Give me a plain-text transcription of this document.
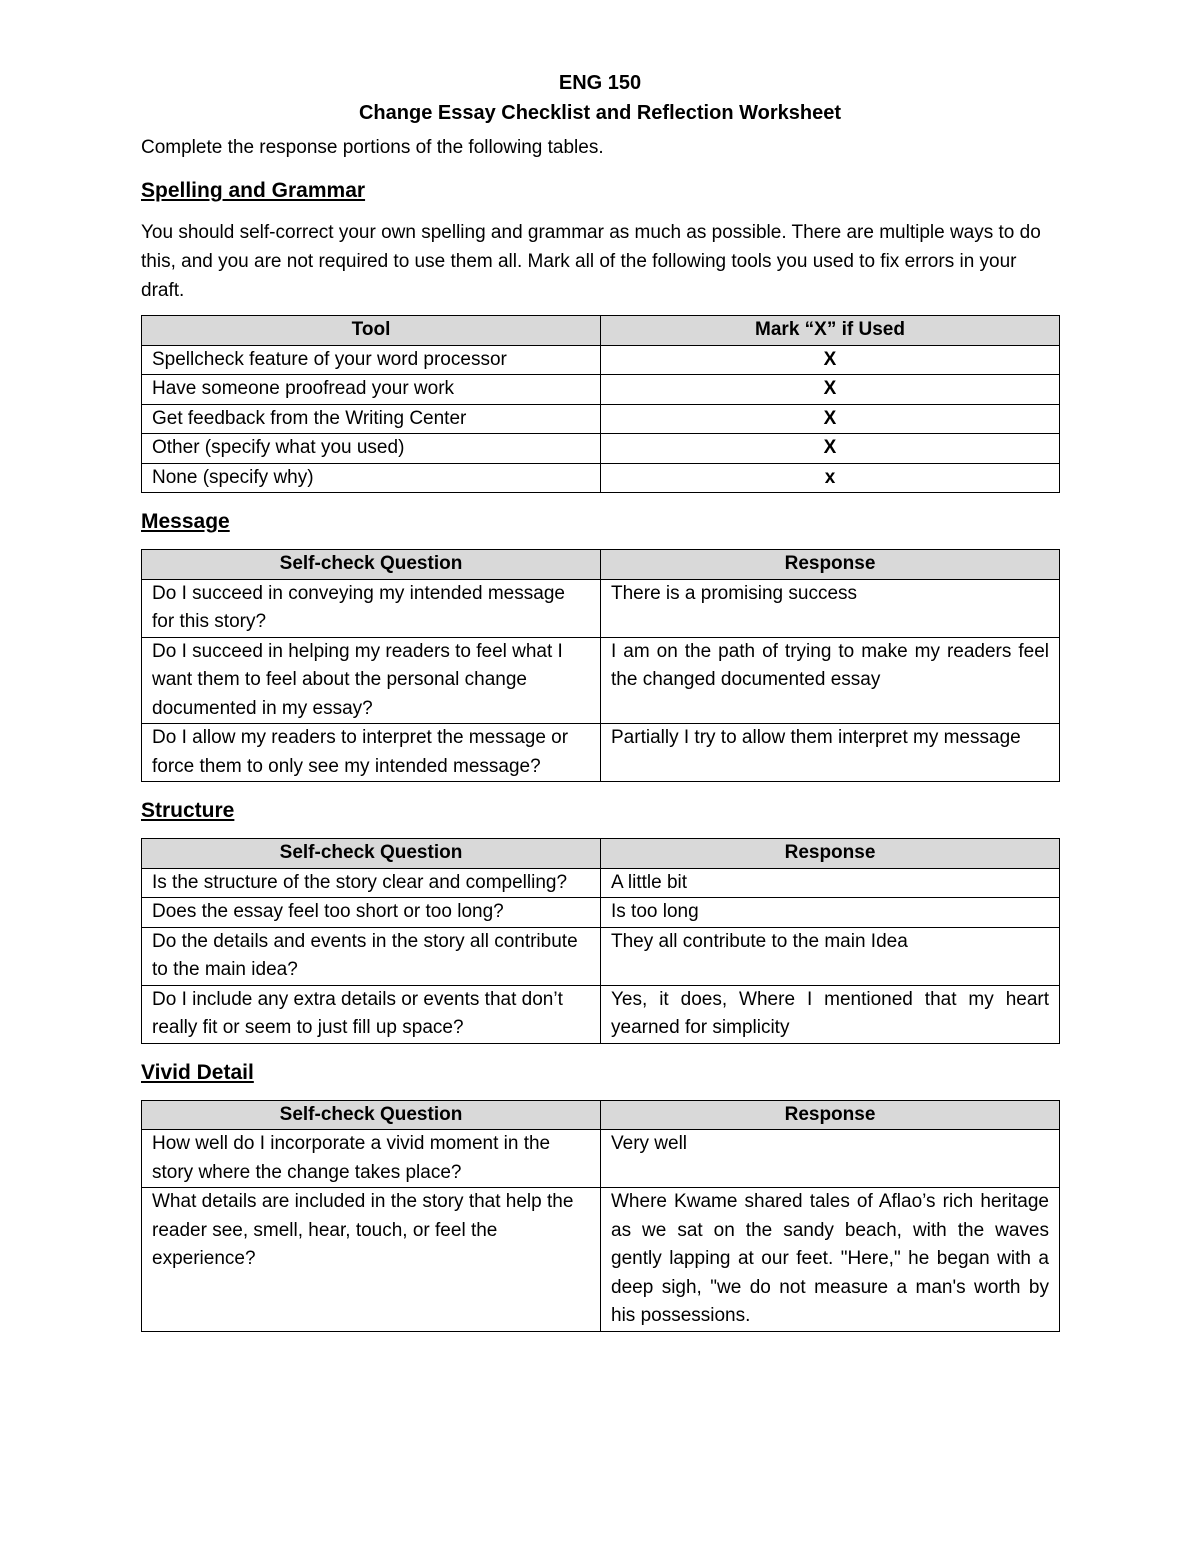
ENG 150
Change Essay Checklist and Reflection Worksheet
Complete the response portions of the following tables.
Spelling and Grammar
You should self-correct your own spelling and grammar as much as possible. There are multiple ways to do this, and you are not required to use them all. Mark all of the following tools you used to fix errors in your draft.
Tool	Mark “X” if Used
Spellcheck feature of your word processor	X
Have someone proofread your work	X
Get feedback from the Writing Center	X
Other (specify what you used)	X
None (specify why)	x
Message
Self-check Question	Response
Do I succeed in conveying my intended message for this story?	There is a promising success
Do I succeed in helping my readers to feel what I want them to feel about the personal change documented in my essay?	I am on the path of trying to make my readers feel the changed documented essay
Do I allow my readers to interpret the message or force them to only see my intended message?	Partially I try to allow them interpret my message
Structure
Self-check Question	Response
Is the structure of the story clear and compelling?	A little bit
Does the essay feel too short or too long?	Is too long
Do the details and events in the story all contribute to the main idea?	They all contribute to the main Idea
Do I include any extra details or events that don’t really fit or seem to just fill up space?	Yes, it does, Where I mentioned that my heart yearned for simplicity
Vivid Detail
Self-check Question	Response
How well do I incorporate a vivid moment in the story where the change takes place?	Very well
What details are included in the story that help the reader see, smell, hear, touch, or feel the experience?	Where Kwame shared tales of Aflao’s rich heritage as we sat on the sandy beach, with the waves gently lapping at our feet. "Here," he began with a deep sigh, "we do not measure a man's worth by his possessions.
